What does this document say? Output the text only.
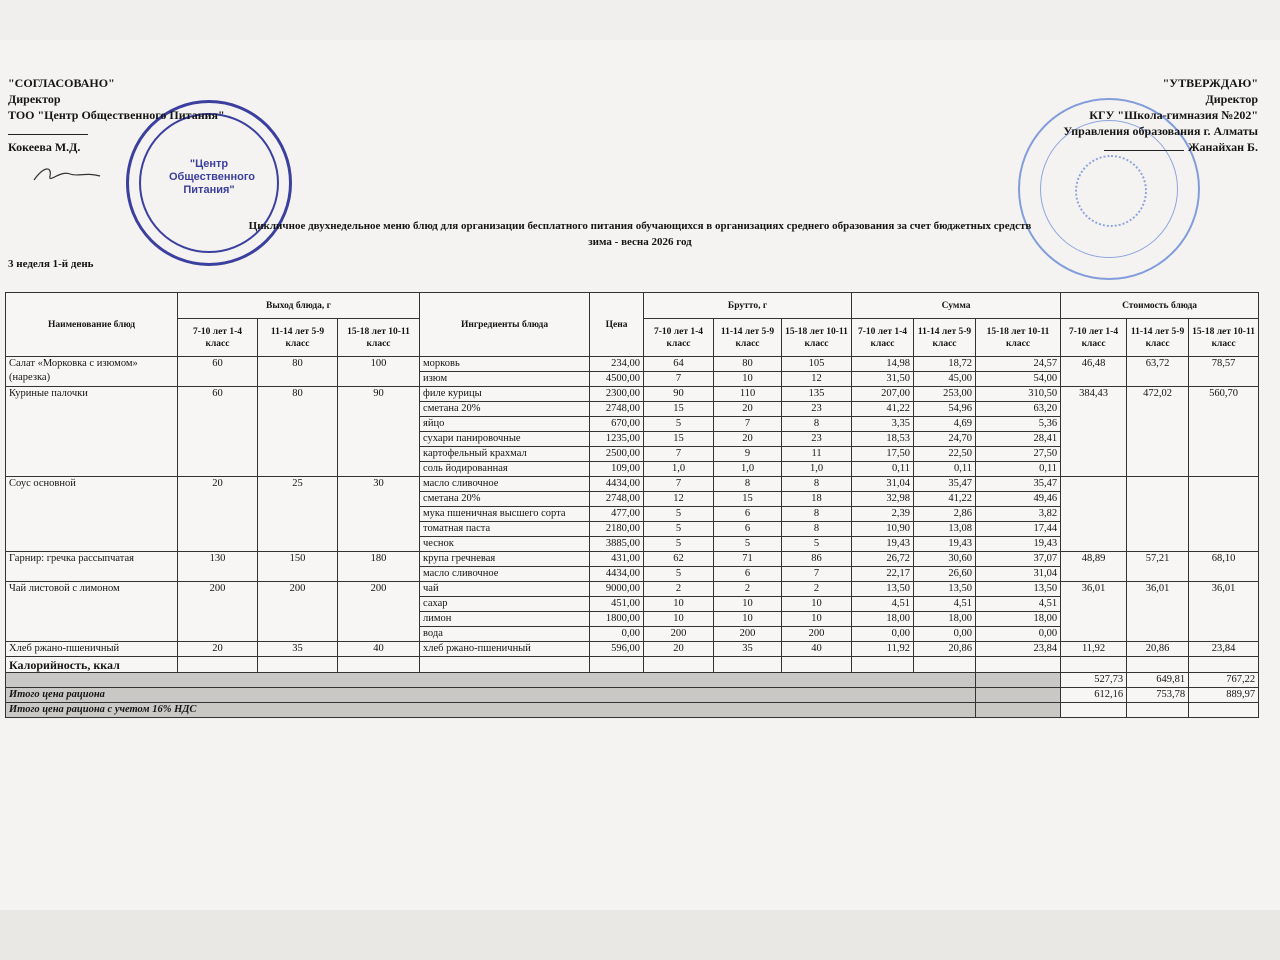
"Центр Общественного Питания"
"СОГЛАСОВАНО"
Директор
ТОО "Центр Общественного Питания"
Кокеева М.Д.
"УТВЕРЖДАЮ"
Директор
КГУ "Школа-гимназия №202"
Управления образования г. Алматы
Жанайхан Б.
Цикличное двухнедельное меню блюд для организации бесплатного питания обучающихся в организациях среднего образования за счет бюджетных средств
зима - весна 2026 год
3 неделя 1-й день
Наименование блюд	Выход блюда, г			Ингредиенты блюда	Цена	Брутто, г			Сумма			Стоимость блюда		
	7-10 лет 1-4 класс	11-14 лет 5-9 класс	15-18 лет 10-11 класс			7-10 лет 1-4 класс	11-14 лет 5-9 класс	15-18 лет 10-11 класс	7-10 лет 1-4 класс	11-14 лет 5-9 класс	15-18 лет 10-11 класс	7-10 лет 1-4 класс	11-14 лет 5-9 класс	15-18 лет 10-11 класс
Салат «Морковка с изюмом» (нарезка)	60	80	100	морковь	234,00	64	80	105	14,98	18,72	24,57	46,48	63,72	78,57
				изюм	4500,00	7	10	12	31,50	45,00	54,00			
Куриные палочки	60	80	90	филе курицы	2300,00	90	110	135	207,00	253,00	310,50	384,43	472,02	560,70
				сметана 20%	2748,00	15	20	23	41,22	54,96	63,20			
				яйцо	670,00	5	7	8	3,35	4,69	5,36			
				сухари панировочные	1235,00	15	20	23	18,53	24,70	28,41			
				картофельный крахмал	2500,00	7	9	11	17,50	22,50	27,50			
				соль йодированная	109,00	1,0	1,0	1,0	0,11	0,11	0,11			
Соус основной	20	25	30	масло сливочное	4434,00	7	8	8	31,04	35,47	35,47			
				сметана 20%	2748,00	12	15	18	32,98	41,22	49,46			
				мука пшеничная высшего сорта	477,00	5	6	8	2,39	2,86	3,82			
				томатная паста	2180,00	5	6	8	10,90	13,08	17,44			
				чеснок	3885,00	5	5	5	19,43	19,43	19,43			
Гарнир: гречка рассыпчатая	130	150	180	крупа гречневая	431,00	62	71	86	26,72	30,60	37,07	48,89	57,21	68,10
				масло сливочное	4434,00	5	6	7	22,17	26,60	31,04			
Чай листовой с лимоном	200	200	200	чай	9000,00	2	2	2	13,50	13,50	13,50	36,01	36,01	36,01
				сахар	451,00	10	10	10	4,51	4,51	4,51			
				лимон	1800,00	10	10	10	18,00	18,00	18,00			
				вода	0,00	200	200	200	0,00	0,00	0,00			
Хлеб ржано-пшеничный	20	35	40	хлеб ржано-пшеничный	596,00	20	35	40	11,92	20,86	23,84	11,92	20,86	23,84
Калорийность, ккал														
												527,73	649,81	767,22
Итого цена рациона												612,16	753,78	889,97
Итого цена рациона с учетом 16% НДС														
